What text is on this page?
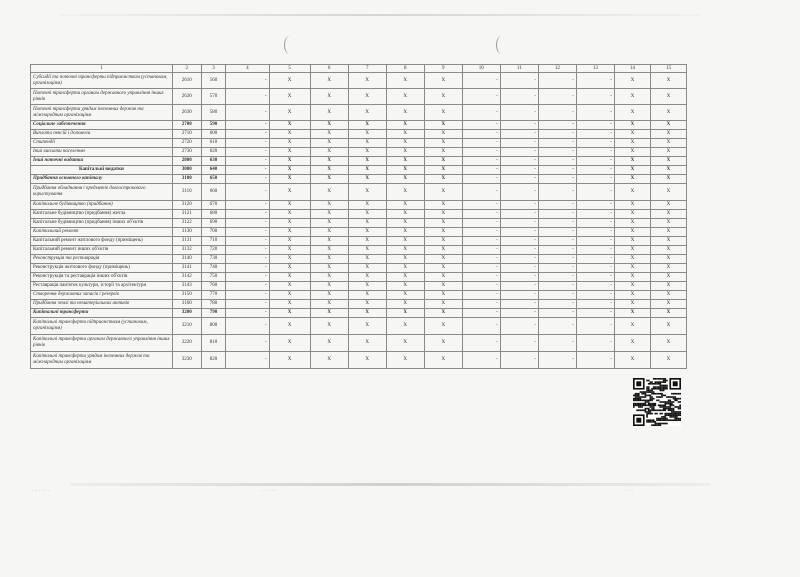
1	2	3	4	5	6	7	8	9	10	11	12	13	14	15
Субсидії та поточні трансферти підприємствам (установам, організаціям)	2610	560	-	X	X	X	X	X	-	-	-	-	X	X
Поточні трансферти органам державного управління інших рівнів	2620	570	-	X	X	X	X	X	-	-	-	-	X	X
Поточні трансферти урядам іноземних держав та міжнародним організаціям	2630	580	-	X	X	X	X	X	-	-	-	-	X	X
Соціальне забезпечення	2700	590	-	X	X	X	X	X	-	-	-	-	X	X
Виплата пенсій і допомоги	2710	600	-	X	X	X	X	X	-	-	-	-	X	X
Стипендії	2720	610	-	X	X	X	X	X	-	-	-	-	X	X
Інші виплати населенню	2730	620	-	X	X	X	X	X	-	-	-	-	X	X
Інші поточні видатки	2800	630	-	X	X	X	X	X	-	-	-	-	X	X
Капітальні видатки	3000	640	-	X	X	X	X	X	-	-	-	-	X	X
Придбання основного капіталу	3100	650	-	X	X	X	X	X	-	-	-	-	X	X
Придбання обладнання і предметів довгострокового користування	3110	660	-	X	X	X	X	X	-	-	-	-	X	X
Капітальне будівництво (придбання)	3120	670	-	X	X	X	X	X	-	-	-	-	X	X
Капітальне будівництво (придбання) житла	3121	680	-	X	X	X	X	X	-	-	-	-	X	X
Капітальне будівництво (придбання) інших об'єктів	3122	690	-	X	X	X	X	X	-	-	-	-	X	X
Капітальний ремонт	3130	700	-	X	X	X	X	X	-	-	-	-	X	X
Капітальний ремонт житлового фонду (приміщень)	3131	710	-	X	X	X	X	X	-	-	-	-	X	X
Капітальний ремонт інших об'єктів	3132	720	-	X	X	X	X	X	-	-	-	-	X	X
Реконструкція та реставрація	3140	730	-	X	X	X	X	X	-	-	-	-	X	X
Реконструкція житлового фонду (приміщень)	3141	740	-	X	X	X	X	X	-	-	-	-	X	X
Реконструкція та реставрація інших об'єктів	3142	750	-	X	X	X	X	X	-	-	-	-	X	X
Реставрація пам'яток культури, історії та архітектури	3143	760	-	X	X	X	X	X	-	-	-	-	X	X
Створення державних запасів і резервів	3150	770	-	X	X	X	X	X	-	-	-	-	X	X
Придбання землі та нематеріальних активів	3160	780	-	X	X	X	X	X	-	-	-	-	X	X
Капітальні трансферти	3200	790	-	X	X	X	X	X	-	-	-	-	X	X
Капітальні трансферти підприємствам (установам, організаціям)	3210	800	-	X	X	X	X	X	-	-	-	-	X	X
Капітальні трансферти органам державного управління інших рівнів	3220	810	-	X	X	X	X	X	-	-	-	-	X	X
Капітальні трансферти урядам іноземних держав та міжнародним організаціям	3230	820	-	X	X	X	X	X	-	-	-	-	X	X
· · · · · ·	· · · · ·	· · ·
